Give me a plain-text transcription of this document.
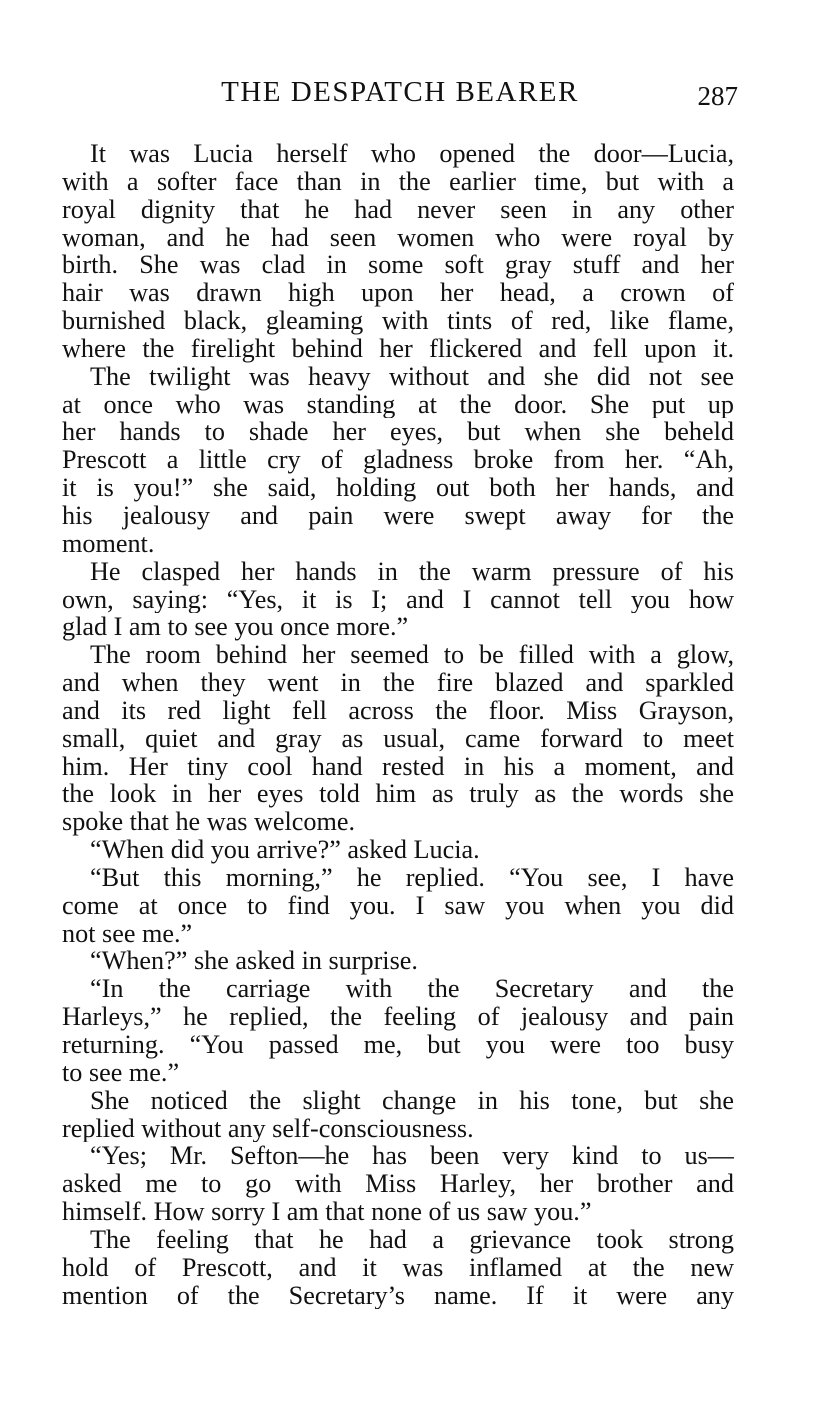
THE DESPATCH BEARER	287
It was Lucia herself who opened the door—Lucia,
with a softer face than in the earlier time, but with a
royal dignity that he had never seen in any other
woman, and he had seen women who were royal by
birth. She was clad in some soft gray stuff and her
hair was drawn high upon her head, a crown of
burnished black, gleaming with tints of red, like flame,
where the firelight behind her flickered and fell upon it.
The twilight was heavy without and she did not see
at once who was standing at the door. She put up
her hands to shade her eyes, but when she beheld
Prescott a little cry of gladness broke from her. “Ah,
it is you!” she said, holding out both her hands, and
his jealousy and pain were swept away for the
moment.
He clasped her hands in the warm pressure of his
own, saying: “Yes, it is I; and I cannot tell you how
glad I am to see you once more.”
The room behind her seemed to be filled with a glow,
and when they went in the fire blazed and sparkled
and its red light fell across the floor. Miss Grayson,
small, quiet and gray as usual, came forward to meet
him. Her tiny cool hand rested in his a moment, and
the look in her eyes told him as truly as the words she
spoke that he was welcome.
“When did you arrive?” asked Lucia.
“But this morning,” he replied. “You see, I have
come at once to find you. I saw you when you did
not see me.”
“When?” she asked in surprise.
“In the carriage with the Secretary and the
Harleys,” he replied, the feeling of jealousy and pain
returning. “You passed me, but you were too busy
to see me.”
She noticed the slight change in his tone, but she
replied without any self-consciousness.
“Yes; Mr. Sefton—he has been very kind to us—
asked me to go with Miss Harley, her brother and
himself. How sorry I am that none of us saw you.”
The feeling that he had a grievance took strong
hold of Prescott, and it was inflamed at the new
mention of the Secretary’s name. If it were any
